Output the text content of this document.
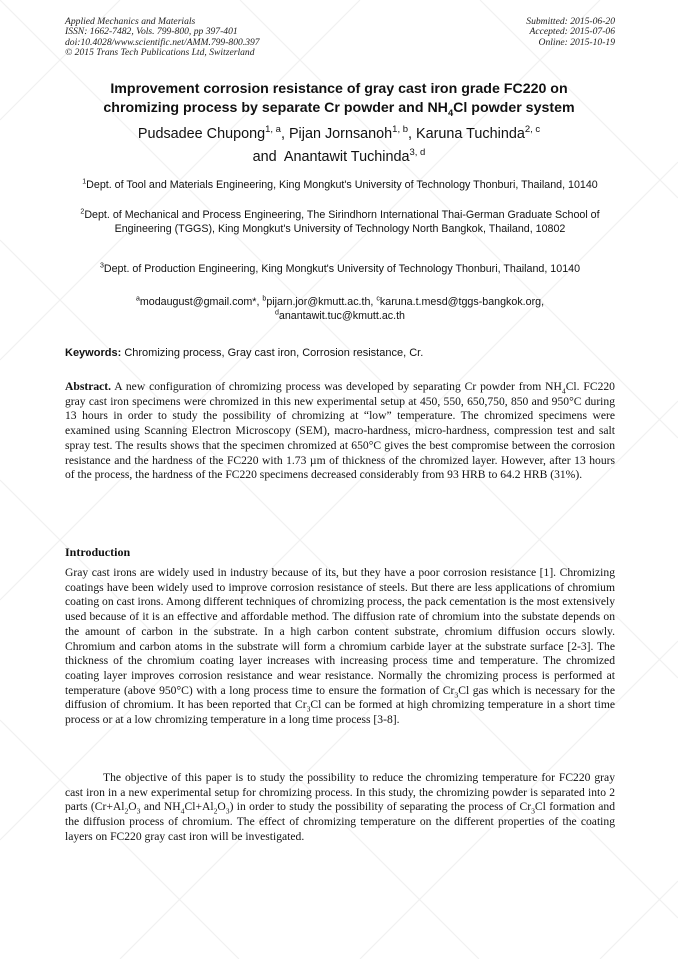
Applied Mechanics and Materials
ISSN: 1662-7482, Vols. 799-800, pp 397-401
doi:10.4028/www.scientific.net/AMM.799-800.397
© 2015 Trans Tech Publications Ltd, Switzerland
Submitted: 2015-06-20
Accepted: 2015-07-06
Online: 2015-10-19
Improvement corrosion resistance of gray cast iron grade FC220 on
chromizing process by separate Cr powder and $NH_4Cl$ powder system
Pudsadee Chupong$^{1, a}$, Pijan Jornsanoh$^{1, b}$, Karuna Tuchinda$^{2, c}$
and Anantawit Tuchinda$^{3, d}$
$^1$Dept. of Tool and Materials Engineering, King Mongkut's University of Technology Thonburi, Thailand, 10140
$^2$Dept. of Mechanical and Process Engineering, The Sirindhorn International Thai-German Graduate School of Engineering (TGGS), King Mongkut's University of Technology North Bangkok, Thailand, 10802
$^3$Dept. of Production Engineering, King Mongkut's University of Technology Thonburi, Thailand, 10140
$^a$modaugust@gmail.com*, $^b$pijarn.jor@kmutt.ac.th, $^c$karuna.t.mesd@tggs-bangkok.org,
$^d$anantawit.tuc@kmutt.ac.th
Keywords: Chromizing process, Gray cast iron, Corrosion resistance, Cr.
Abstract. A new configuration of chromizing process was developed by separating Cr powder from $NH_4Cl$. FC220 gray cast iron specimens were chromized in this new experimental setup at 450, 550, 650,750, 850 and 950°C during 13 hours in order to study the possibility of chromizing at “low” temperature. The chromized specimens were examined using Scanning Electron Microscopy (SEM), macro-hardness, micro-hardness, compression test and salt spray test. The results shows that the specimen chromized at 650°C gives the best compromise between the corrosion resistance and the hardness of the FC220 with 1.73 µm of thickness of the chromized layer. However, after 13 hours of the process, the hardness of the FC220 specimens decreased considerably from 93 HRB to 64.2 HRB (31%).
Introduction
Gray cast irons are widely used in industry because of its, but they have a poor corrosion resistance [1]. Chromizing coatings have been widely used to improve corrosion resistance of steels. But there are less applications of chromium coating on cast irons. Among different techniques of chromizing process, the pack cementation is the most extensively used because of it is an effective and affordable method. The diffusion rate of chromium into the substate depends on the amount of carbon in the substrate. In a high carbon content substrate, chromium diffusion occurs slowly. Chromium and carbon atoms in the substrate will form a chromium carbide layer at the substrate surface [2-3]. The thickness of the chromium coating layer increases with increasing process time and temperature. The chromized coating layer improves corrosion resistance and wear resistance. Normally the chromizing process is performed at temperature (above 950°C) with a long process time to ensure the formation of $Cr_3Cl$ gas which is necessary for the diffusion of chromium. It has been reported that $Cr_3Cl$ can be formed at high chromizing temperature in a short time process or at a low chromizing temperature in a long time process [3-8].
The objective of this paper is to study the possibility to reduce the chromizing temperature for FC220 gray cast iron in a new experimental setup for chromizing process. In this study, the chromizing powder is separated into 2 parts ($Cr+Al_2O_3$ and $NH_4Cl+Al_2O_3$) in order to study the possibility of separating the process of $Cr_3Cl$ formation and the diffusion process of chromium. The effect of chromizing temperature on the different properties of the coating layers on FC220 gray cast iron will be investigated.
